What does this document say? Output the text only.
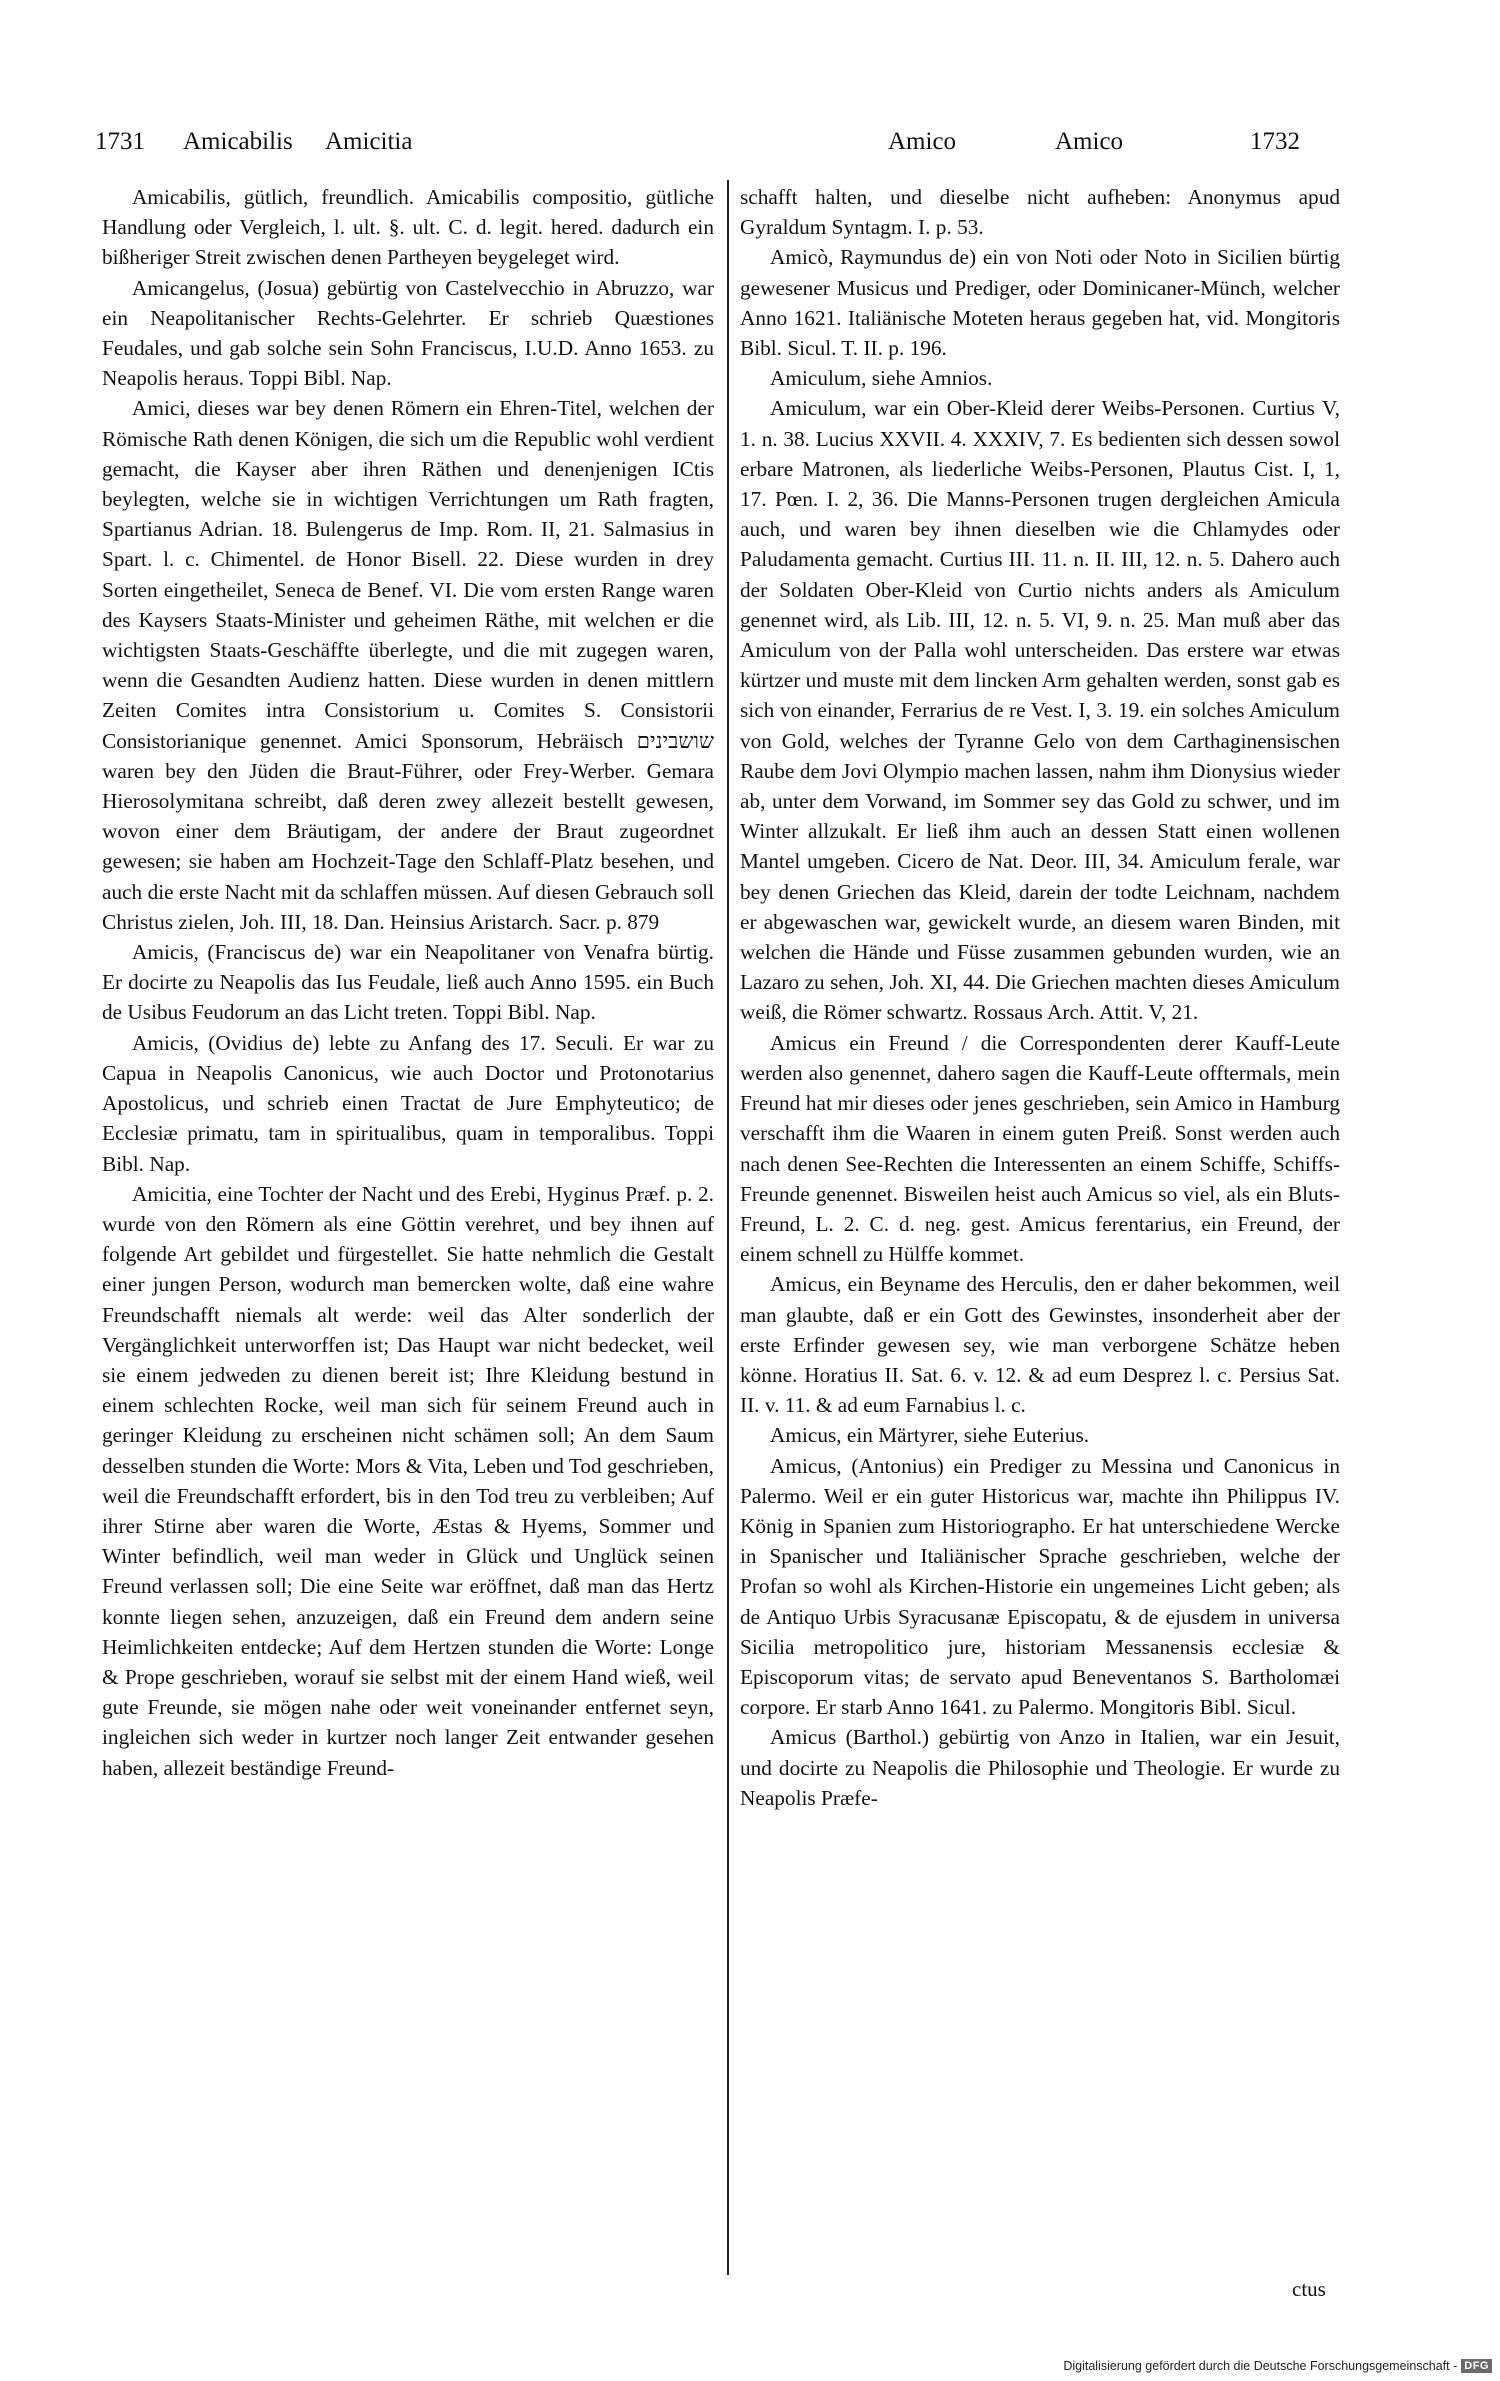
1731 Amicabilis Amicitia	Amico	Amico	1732

Amicabilis, gütlich, freundlich. Amicabilis compositio, gütliche Handlung oder Vergleich, l. ult. §. ult. C. d. legit. hered. dadurch ein bißheriger Streit zwischen denen Partheyen beygeleget wird.

Amicangelus, (Josua) gebürtig von Castelvecchio in Abruzzo, war ein Neapolitanischer Rechts-Gelehrter. Er schrieb Quæstiones Feudales, und gab solche sein Sohn Franciscus, I.U.D. Anno 1653. zu Neapolis heraus. Toppi Bibl. Nap.

Amici, dieses war bey denen Römern ein Ehren-Titel, welchen der Römische Rath denen Königen, die sich um die Republic wohl verdient gemacht, die Kayser aber ihren Räthen und denenjenigen ICtis beylegten, welche sie in wichtigen Verrichtungen um Rath fragten, Spartianus Adrian. 18. Bulengerus de Imp. Rom. II, 21. Salmasius in Spart. l. c. Chimentel. de Honor Bisell. 22. Diese wurden in drey Sorten eingetheilet, Seneca de Benef. VI. Die vom ersten Range waren des Kaysers Staats-Minister und geheimen Räthe, mit welchen er die wichtigsten Staats-Geschäffte überlegte, und die mit zugegen waren, wenn die Gesandten Audienz hatten. Diese wurden in denen mittlern Zeiten Comites intra Consistorium u. Comites S. Consistorii Consistorianique genennet. Amici Sponsorum, Hebräisch שושבינים waren bey den Jüden die Braut-Führer, oder Frey-Werber. Gemara Hierosolymitana schreibt, daß deren zwey allezeit bestellt gewesen, wovon einer dem Bräutigam, der andere der Braut zugeordnet gewesen; sie haben am Hochzeit-Tage den Schlaff-Platz besehen, und auch die erste Nacht mit da schlaffen müssen. Auf diesen Gebrauch soll Christus zielen, Joh. III, 18. Dan. Heinsius Aristarch. Sacr. p. 879

Amicis, (Franciscus de) war ein Neapolitaner von Venafra bürtig. Er docirte zu Neapolis das Ius Feudale, ließ auch Anno 1595. ein Buch de Usibus Feudorum an das Licht treten. Toppi Bibl. Nap.

Amicis, (Ovidius de) lebte zu Anfang des 17. Seculi. Er war zu Capua in Neapolis Canonicus, wie auch Doctor und Protonotarius Apostolicus, und schrieb einen Tractat de Jure Emphyteutico; de Ecclesiæ primatu, tam in spiritualibus, quam in temporalibus. Toppi Bibl. Nap.

Amicitia, eine Tochter der Nacht und des Erebi, Hyginus Præf. p. 2. wurde von den Römern als eine Göttin verehret, und bey ihnen auf folgende Art gebildet und fürgestellet. Sie hatte nehmlich die Gestalt einer jungen Person, wodurch man bemercken wolte, daß eine wahre Freundschafft niemals alt werde: weil das Alter sonderlich der Vergänglichkeit unterworffen ist; Das Haupt war nicht bedecket, weil sie einem jedweden zu dienen bereit ist; Ihre Kleidung bestund in einem schlechten Rocke, weil man sich für seinem Freund auch in geringer Kleidung zu erscheinen nicht schämen soll; An dem Saum desselben stunden die Worte: Mors & Vita, Leben und Tod geschrieben, weil die Freundschafft erfordert, bis in den Tod treu zu verbleiben; Auf ihrer Stirne aber waren die Worte, Æstas & Hyems, Sommer und Winter befindlich, weil man weder in Glück und Unglück seinen Freund verlassen soll; Die eine Seite war eröffnet, daß man das Hertz konnte liegen sehen, anzuzeigen, daß ein Freund dem andern seine Heimlichkeiten entdecke; Auf dem Hertzen stunden die Worte: Longe & Prope geschrieben, worauf sie selbst mit der einem Hand wieß, weil gute Freunde, sie mögen nahe oder weit voneinander entfernet seyn, ingleichen sich weder in kurtzer noch langer Zeit entwander gesehen haben, allezeit beständige Freund-

schafft halten, und dieselbe nicht aufheben: Anonymus apud Gyraldum Syntagm. I. p. 53.

Amicò, Raymundus de) ein von Noti oder Noto in Sicilien bürtig gewesener Musicus und Prediger, oder Dominicaner-Münch, welcher Anno 1621. Italiänische Moteten heraus gegeben hat, vid. Mongitoris Bibl. Sicul. T. II. p. 196.

Amiculum, siehe Amnios.

Amiculum, war ein Ober-Kleid derer Weibs-Personen. Curtius V, 1. n. 38. Lucius XXVII. 4. XXXIV, 7. Es bedienten sich dessen sowol erbare Matronen, als liederliche Weibs-Personen, Plautus Cist. I, 1, 17. Pœn. I. 2, 36. Die Manns-Personen trugen dergleichen Amicula auch, und waren bey ihnen dieselben wie die Chlamydes oder Paludamenta gemacht. Curtius III. 11. n. II. III, 12. n. 5. Dahero auch der Soldaten Ober-Kleid von Curtio nichts anders als Amiculum genennet wird, als Lib. III, 12. n. 5. VI, 9. n. 25. Man muß aber das Amiculum von der Palla wohl unterscheiden. Das erstere war etwas kürtzer und muste mit dem lincken Arm gehalten werden, sonst gab es sich von einander, Ferrarius de re Vest. I, 3. 19. ein solches Amiculum von Gold, welches der Tyranne Gelo von dem Carthaginensischen Raube dem Jovi Olympio machen lassen, nahm ihm Dionysius wieder ab, unter dem Vorwand, im Sommer sey das Gold zu schwer, und im Winter allzukalt. Er ließ ihm auch an dessen Statt einen wollenen Mantel umgeben. Cicero de Nat. Deor. III, 34. Amiculum ferale, war bey denen Griechen das Kleid, darein der todte Leichnam, nachdem er abgewaschen war, gewickelt wurde, an diesem waren Binden, mit welchen die Hände und Füsse zusammen gebunden wurden, wie an Lazaro zu sehen, Joh. XI, 44. Die Griechen machten dieses Amiculum weiß, die Römer schwartz. Rossaus Arch. Attit. V, 21.

Amicus ein Freund / die Correspondenten derer Kauff-Leute werden also genennet, dahero sagen die Kauff-Leute offtermals, mein Freund hat mir dieses oder jenes geschrieben, sein Amico in Hamburg verschafft ihm die Waaren in einem guten Preiß. Sonst werden auch nach denen See-Rechten die Interessenten an einem Schiffe, Schiffs-Freunde genennet. Bisweilen heist auch Amicus so viel, als ein Bluts-Freund, L. 2. C. d. neg. gest. Amicus ferentarius, ein Freund, der einem schnell zu Hülffe kommet.

Amicus, ein Beyname des Herculis, den er daher bekommen, weil man glaubte, daß er ein Gott des Gewinstes, insonderheit aber der erste Erfinder gewesen sey, wie man verborgene Schätze heben könne. Horatius II. Sat. 6. v. 12. & ad eum Desprez l. c. Persius Sat. II. v. 11. & ad eum Farnabius l. c.

Amicus, ein Märtyrer, siehe Euterius.

Amicus, (Antonius) ein Prediger zu Messina und Canonicus in Palermo. Weil er ein guter Historicus war, machte ihn Philippus IV. König in Spanien zum Historiographo. Er hat unterschiedene Wercke in Spanischer und Italiänischer Sprache geschrieben, welche der Profan so wohl als Kirchen-Historie ein ungemeines Licht geben; als de Antiquo Urbis Syracusanæ Episcopatu, & de ejusdem in universa Sicilia metropolitico jure, historiam Messanensis ecclesiæ & Episcoporum vitas; de servato apud Beneventanos S. Bartholomæi corpore. Er starb Anno 1641. zu Palermo. Mongitoris Bibl. Sicul.

Amicus (Barthol.) gebürtig von Anzo in Italien, war ein Jesuit, und docirte zu Neapolis die Philosophie und Theologie. Er wurde zu Neapolis Præfe-

ctus
Digitalisierung gefördert durch die Deutsche Forschungsgemeinschaft - DFG
